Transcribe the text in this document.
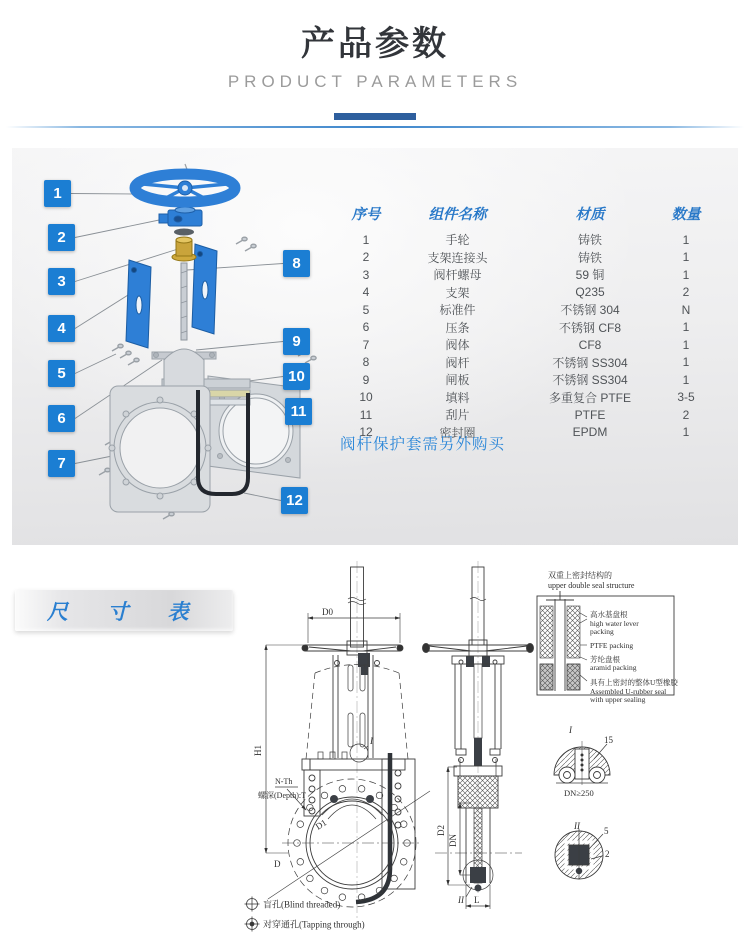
产品参数
PRODUCT PARAMETERS
1
2
3
4
5
6
7
8
9
10
11
12
序号	组件名称	材质	数量
1	手轮	铸铁	1
2	支架连接头	铸铁	1
3	阀杆螺母	59 铜	1
4	支架	Q235	2
5	标准件	不锈钢 304	N
6	压条	不锈钢 CF8	1
7	阀体	CF8	1
8	阀杆	不锈钢 SS304	1
9	闸板	不锈钢 SS304	1
10	填料	多重复合 PTFE	3-5
11	刮片	PTFE	2
12	密封圈	EPDM	1
阀杆保护套需另外购买
尺 寸 表	D0
H1
I
N-Th
螺深(Depth):T
D1
D
盲孔(Blind threaded)
对穿通孔(Tapping through)
D2
DN
L
II
双重上密封结构的
upper double seal structure
高水基盘根
high water lever
packing
PTFE packing
芳纶盘根
aramid packing
具有上密封的整体U型橡胶
Assembled U-rubber seal
with upper sealing
I
15
DN≥250
II	5
2
